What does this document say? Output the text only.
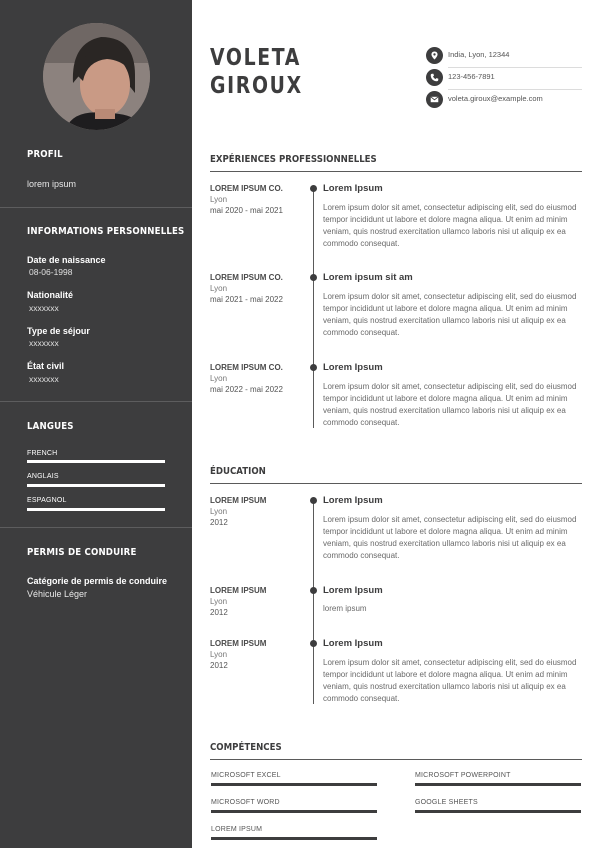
PROFIL
lorem ipsum
INFORMATIONS PERSONNELLES
Date de naissance
08-06-1998
Nationalité
xxxxxxx
Type de séjour
xxxxxxx
État civil
xxxxxxx
LANGUES
FRENCH
ANGLAIS
ESPAGNOL
PERMIS DE CONDUIRE
Catégorie de permis de conduire
Véhicule Léger
VOLETA
GIROUX
India, Lyon, 12344
123-456-7891
voleta.giroux@example.com
EXPÉRIENCES PROFESSIONNELLES
LOREM IPSUM CO.
Lyon
mai 2020 - mai 2021
Lorem Ipsum
Lorem ipsum dolor sit amet, consectetur adipiscing elit, sed do eiusmod tempor incididunt ut labore et dolore magna aliqua. Ut enim ad minim veniam, quis nostrud exercitation ullamco laboris nisi ut aliquip ex ea commodo consequat.
LOREM IPSUM CO.
Lyon
mai 2021 - mai 2022
Lorem ipsum sit am
Lorem ipsum dolor sit amet, consectetur adipiscing elit, sed do eiusmod tempor incididunt ut labore et dolore magna aliqua. Ut enim ad minim veniam, quis nostrud exercitation ullamco laboris nisi ut aliquip ex ea commodo consequat.
LOREM IPSUM CO.
Lyon
mai 2022 - mai 2022
Lorem Ipsum
Lorem ipsum dolor sit amet, consectetur adipiscing elit, sed do eiusmod tempor incididunt ut labore et dolore magna aliqua. Ut enim ad minim veniam, quis nostrud exercitation ullamco laboris nisi ut aliquip ex ea commodo consequat.
ÉDUCATION
LOREM IPSUM
Lyon
2012
Lorem Ipsum
Lorem ipsum dolor sit amet, consectetur adipiscing elit, sed do eiusmod tempor incididunt ut labore et dolore magna aliqua. Ut enim ad minim veniam, quis nostrud exercitation ullamco laboris nisi ut aliquip ex ea commodo consequat.
LOREM IPSUM
Lyon
2012
Lorem Ipsum
lorem ipsum
LOREM IPSUM
Lyon
2012
Lorem Ipsum
Lorem ipsum dolor sit amet, consectetur adipiscing elit, sed do eiusmod tempor incididunt ut labore et dolore magna aliqua. Ut enim ad minim veniam, quis nostrud exercitation ullamco laboris nisi ut aliquip ex ea commodo consequat.
COMPÉTENCES
MICROSOFT EXCEL	MICROSOFT POWERPOINT
MICROSOFT WORD	GOOGLE SHEETS
LOREM IPSUM
